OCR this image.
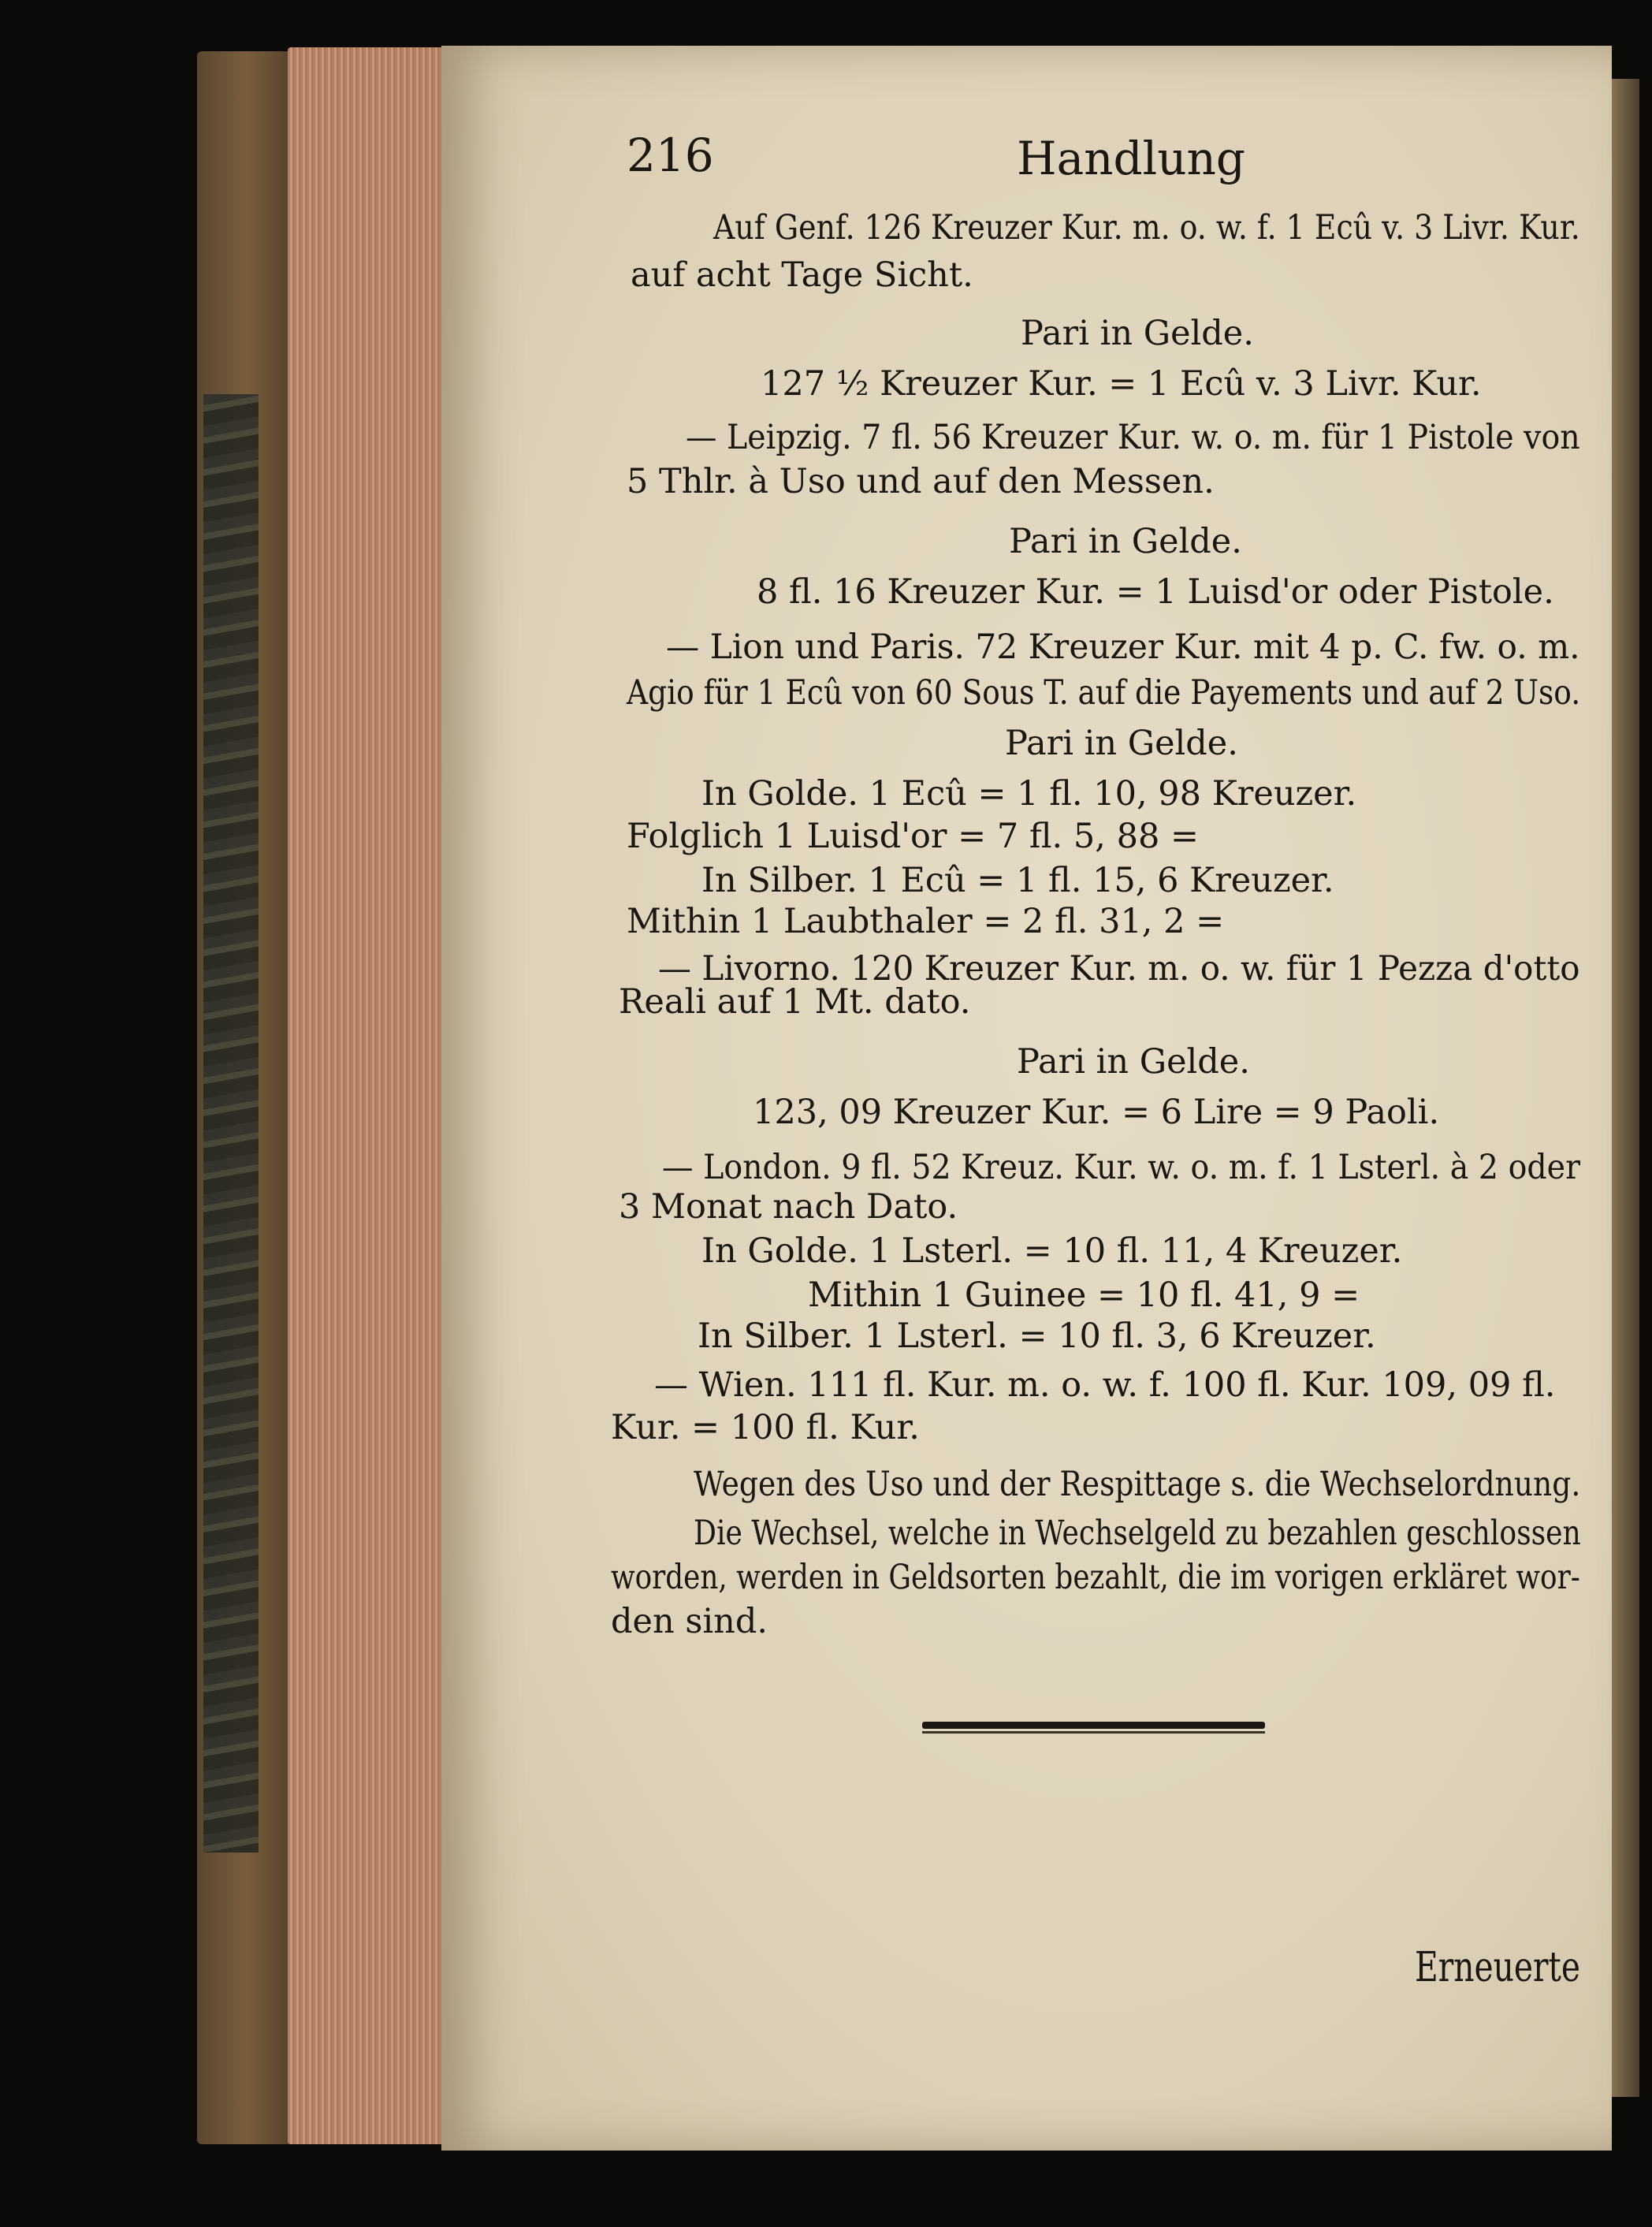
216	Handlung
Auf Genf. 126 Kreuzer Kur. m. o. w. f. 1 Ecû v. 3 Livr. Kur.
auf acht Tage Sicht.
Pari in Gelde.
127 ½ Kreuzer Kur. = 1 Ecû v. 3 Livr. Kur.
— Leipzig. 7 fl. 56 Kreuzer Kur. w. o. m. für 1 Pistole von
5 Thlr. à Uso und auf den Messen.
Pari in Gelde.
8 fl. 16 Kreuzer Kur. = 1 Luisd'or oder Pistole.
— Lion und Paris. 72 Kreuzer Kur. mit 4 p. C. fw. o. m.
Agio für 1 Ecû von 60 Sous T. auf die Payements und auf 2 Uso.
Pari in Gelde.
In Golde. 1 Ecû = 1 fl. 10, 98 Kreuzer.
Folglich 1 Luisd'or = 7 fl. 5, 88 =
In Silber. 1 Ecû = 1 fl. 15, 6 Kreuzer.
Mithin 1 Laubthaler = 2 fl. 31, 2 =
— Livorno. 120 Kreuzer Kur. m. o. w. für 1 Pezza d'otto
Reali auf 1 Mt. dato.
Pari in Gelde.
123, 09 Kreuzer Kur. = 6 Lire = 9 Paoli.
— London. 9 fl. 52 Kreuz. Kur. w. o. m. f. 1 Lsterl. à 2 oder
3 Monat nach Dato.
In Golde. 1 Lsterl. = 10 fl. 11, 4 Kreuzer.
Mithin 1 Guinee = 10 fl. 41, 9 =
In Silber. 1 Lsterl. = 10 fl. 3, 6 Kreuzer.
— Wien. 111 fl. Kur. m. o. w. f. 100 fl. Kur. 109, 09 fl.
Kur. = 100 fl. Kur.
Wegen des Uso und der Respittage s. die Wechselordnung.
Die Wechsel, welche in Wechselgeld zu bezahlen geschlossen
worden, werden in Geldsorten bezahlt, die im vorigen erkläret wor-
den sind.
Erneuerte
